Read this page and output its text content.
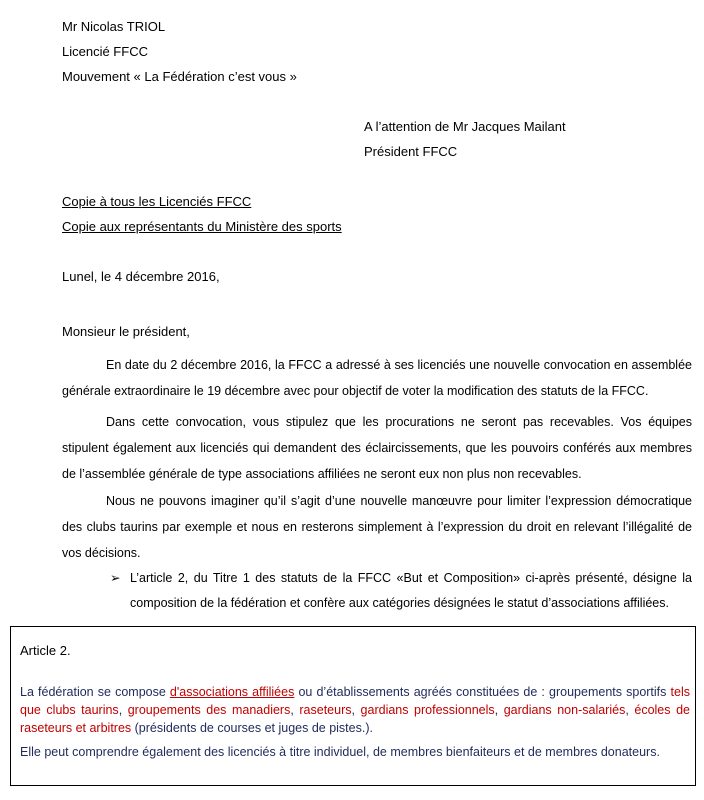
Mr Nicolas TRIOL
Licencié FFCC
Mouvement « La Fédération c’est vous »
A l’attention de Mr Jacques Mailant
Président FFCC
Copie à tous les Licenciés FFCC
Copie aux représentants du Ministère des sports
Lunel, le 4 décembre 2016,
Monsieur le président,
En date du 2 décembre 2016, la FFCC a adressé à ses licenciés une nouvelle convocation en assemblée générale extraordinaire le 19 décembre avec pour objectif de voter la modification des statuts de la FFCC.
Dans cette convocation, vous stipulez que les procurations ne seront pas recevables. Vos équipes stipulent également aux licenciés qui demandent des éclaircissements, que les pouvoirs conférés aux membres de l’assemblée générale de type associations affiliées ne seront eux non plus non recevables.
Nous ne pouvons imaginer qu’il s’agit d’une nouvelle manœuvre pour limiter l’expression démocratique des clubs taurins par exemple et nous en resterons simplement à l’expression du droit en relevant l’illégalité de vos décisions.
➢ L’article 2, du Titre 1 des statuts de la FFCC «But et Composition» ci-après présenté, désigne la composition de la fédération et confère aux catégories désignées le statut d’associations affiliées.
Article 2.
La fédération se compose d'associations affiliées ou d’établissements agréés constituées de : groupements sportifs tels que clubs taurins, groupements des manadiers, raseteurs, gardians professionnels, gardians non-salariés, écoles de raseteurs et arbitres (présidents de courses et juges de pistes.).
Elle peut comprendre également des licenciés à titre individuel, de membres bienfaiteurs et de membres donateurs.
